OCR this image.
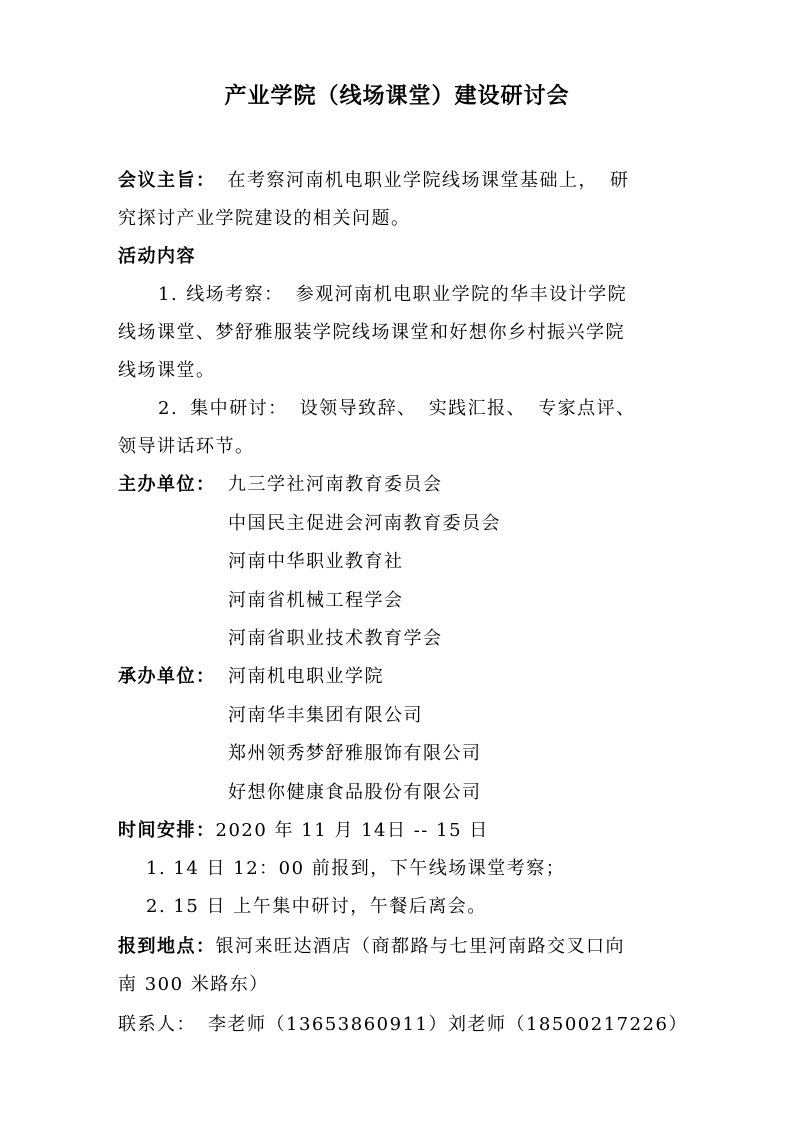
产业学院（线场课堂）建设研讨会
会议主旨： 在考察河南机电职业学院线场课堂基础上， 研
究探讨产业学院建设的相关问题。
活动内容
1. 线场考察： 参观河南机电职业学院的华丰设计学院
线场课堂、梦舒雅服装学院线场课堂和好想你乡村振兴学院
线场课堂。
2. 集中研讨： 设领导致辞、 实践汇报、 专家点评、
领导讲话环节。
主办单位： 九三学社河南教育委员会
中国民主促进会河南教育委员会
河南中华职业教育社
河南省机械工程学会
河南省职业技术教育学会
承办单位： 河南机电职业学院
河南华丰集团有限公司
郑州领秀梦舒雅服饰有限公司
好想你健康食品股份有限公司
时间安排：2020 年 11 月 14日 -- 15 日
1. 14 日 12：00 前报到，下午线场课堂考察；
2. 15 日 上午集中研讨，午餐后离会。
报到地点：银河来旺达酒店（商都路与七里河南路交叉口向
南 300 米路东）
联系人： 李老师（13653860911）刘老师（18500217226）
